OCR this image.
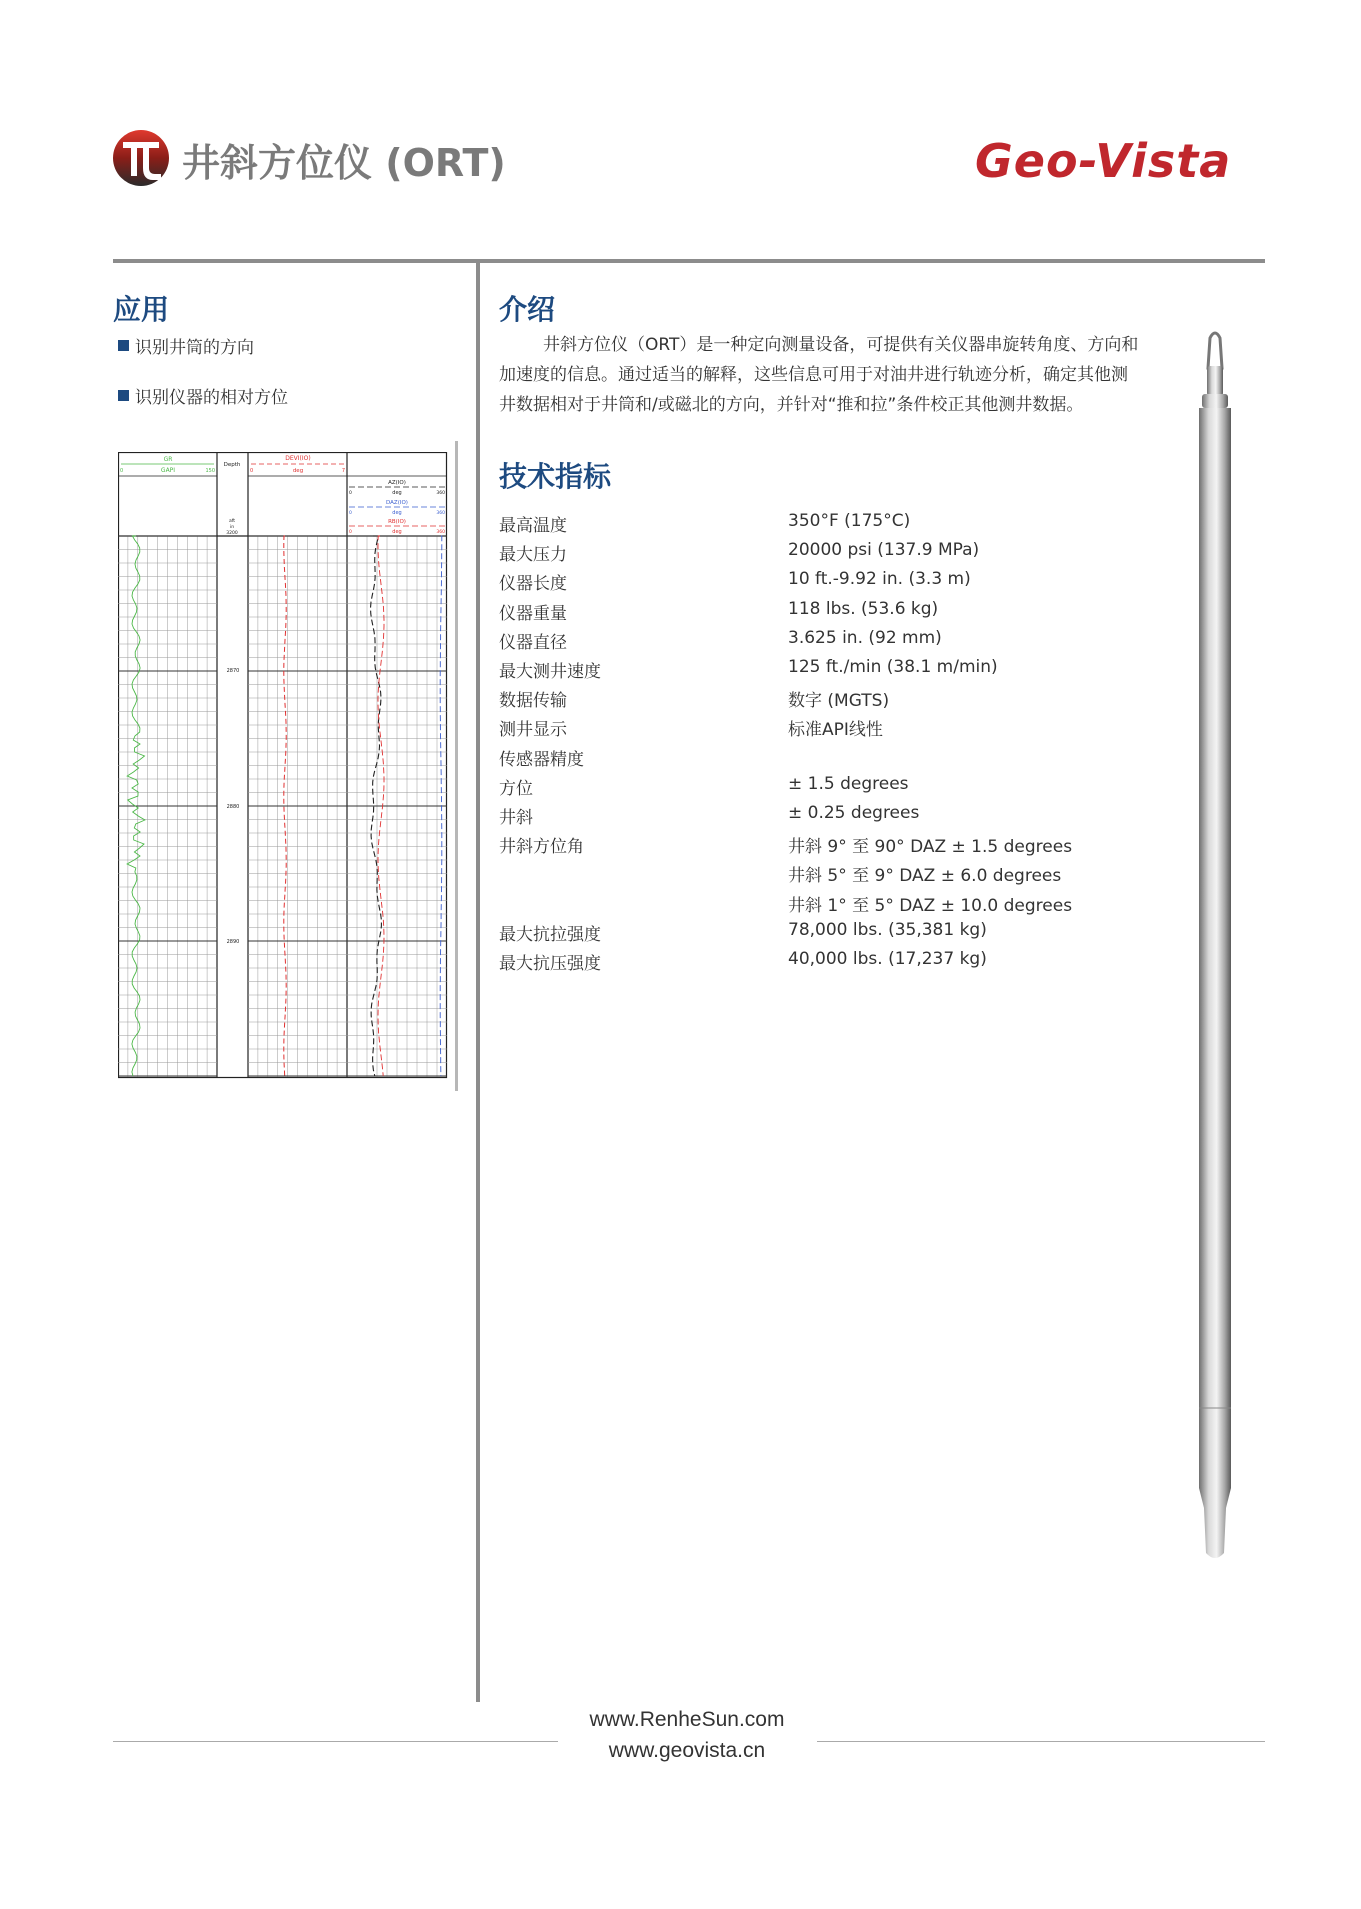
井斜方位仪 (ORT)	Geo-Vista
应用
识别井筒的方向
识别仪器的相对方位
GR
GAPI
0	150
Depth
aft
in
3200
DEVI(IO)
deg
0	7
AZ(IO)
deg
0	360
DAZ(IO)
deg
0	360
RB(IO)
deg
0	360
2870
2880
2890
介绍
井斜方位仪（ORT）是一种定向测量设备，可提供有关仪器串旋转角度、方向和加速度的信息。通过适当的解释，这些信息可用于对油井进行轨迹分析，确定其他测井数据相对于井筒和/或磁北的方向，并针对“推和拉”条件校正其他测井数据。
技术指标
最高温度	350°F (175°C)
最大压力	20000 psi (137.9 MPa)
仪器长度	10 ft.-9.92 in. (3.3 m)
仪器重量	118 lbs. (53.6 kg)
仪器直径	3.625 in. (92 mm)
最大测井速度	125 ft./min (38.1 m/min)
数据传输	数字 (MGTS)
测井显示	标准API线性
传感器精度
方位	± 1.5 degrees
井斜	± 0.25 degrees
井斜方位角	井斜 9° 至 90° DAZ ± 1.5 degrees
井斜 5° 至 9° DAZ ± 6.0 degrees
井斜 1° 至 5° DAZ ± 10.0 degrees
最大抗拉强度	78,000 lbs. (35,381 kg)
最大抗压强度	40,000 lbs. (17,237 kg)
www.RenheSun.com
www.geovista.cn
